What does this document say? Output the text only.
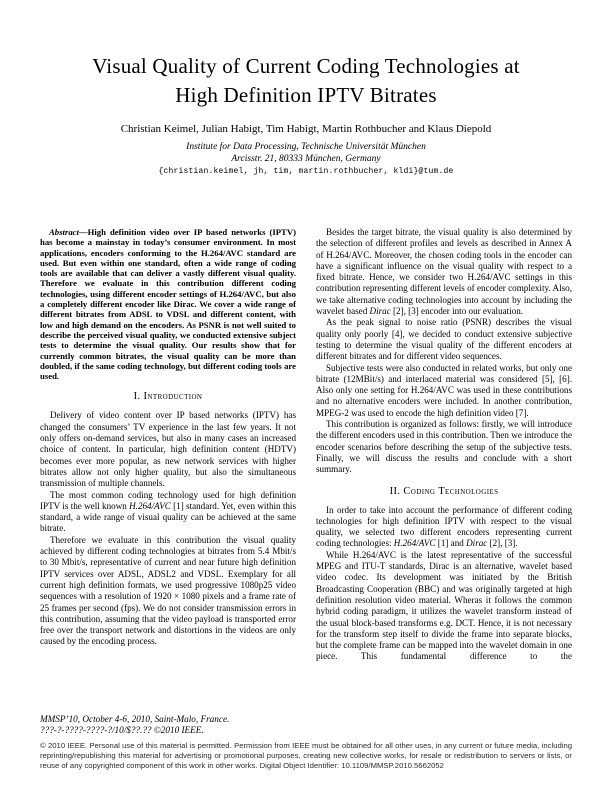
Visual Quality of Current Coding Technologies at
High Definition IPTV Bitrates
Christian Keimel, Julian Habigt, Tim Habigt, Martin Rothbucher and Klaus Diepold
Institute for Data Processing, Technische Universität München
Arcisstr. 21, 80333 München, Germany
{christian.keimel, jh, tim, martin.rothbucher, kldi}@tum.de

Abstract—High definition video over IP based networks (IPTV) has become a mainstay in today’s consumer environment. In most applications, encoders conforming to the H.264/AVC standard are used. But even within one standard, often a wide range of coding tools are available that can deliver a vastly different visual quality. Therefore we evaluate in this contribution different coding technologies, using different encoder settings of H.264/AVC, but also a completely different encoder like Dirac. We cover a wide range of different bitrates from ADSL to VDSL and different content, with low and high demand on the encoders. As PSNR is not well suited to describe the perceived visual quality, we conducted extensive subject tests to determine the visual quality. Our results show that for currently common bitrates, the visual quality can be more than doubled, if the same coding technology, but different coding tools are used.

I. Introduction

Delivery of video content over IP based networks (IPTV) has changed the consumers’ TV experience in the last few years. It not only offers on-demand services, but also in many cases an increased choice of content. In particular, high definition content (HDTV) becomes ever more popular, as new network services with higher bitrates allow not only higher quality, but also the simultaneous transmission of multiple channels.

The most common coding technology used for high definition IPTV is the well known H.264/AVC [1] standard. Yet, even within this standard, a wide range of visual quality can be achieved at the same bitrate.

Therefore we evaluate in this contribution the visual quality achieved by different coding technologies at bitrates from 5.4 Mbit/s to 30 Mbit/s, representative of current and near future high definition IPTV services over ADSL, ADSL2 and VDSL. Exemplary for all current high definition formats, we used progressive 1080p25 video sequences with a resolution of 1920 × 1080 pixels and a frame rate of 25 frames per second (fps). We do not consider transmission errors in this contribution, assuming that the video payload is transported error free over the transport network and distortions in the videos are only caused by the encoding process.

MMSP’10, October 4-6, 2010, Saint-Malo, France.
???-?-????-????-?/10/$??.?? ©2010 IEEE.

Besides the target bitrate, the visual quality is also determined by the selection of different profiles and levels as described in Annex A of H.264/AVC. Moreover, the chosen coding tools in the encoder can have a significant influence on the visual quality with respect to a fixed bitrate. Hence, we consider two H.264/AVC settings in this contribution representing different levels of encoder complexity. Also, we take alternative coding technologies into account by including the wavelet based Dirac [2], [3] encoder into our evaluation.

As the peak signal to noise ratio (PSNR) describes the visual quality only poorly [4], we decided to conduct extensive subjective testing to determine the visual quality of the different encoders at different bitrates and for different video sequences.

Subjective tests were also conducted in related works, but only one bitrate (12MBit/s) and interlaced material was considered [5], [6]. Also only one setting for H.264/AVC was used in these contributions and no alternative encoders were included. In another contribution, MPEG-2 was used to encode the high definition video [7].

This contribution is organized as follows: firstly, we will introduce the different encoders used in this contribution. Then we introduce the encoder scenarios before describing the setup of the subjective tests. Finally, we will discuss the results and conclude with a short summary.

II. Coding Technologies

In order to take into account the performance of different coding technologies for high definition IPTV with respect to the visual quality, we selected two different encoders representing current coding technologies: H.264/AVC [1] and Dirac [2], [3].

While H.264/AVC is the latest representative of the successful MPEG and ITU-T standards, Dirac is an alternative, wavelet based video codec. Its development was initiated by the British Broadcasting Cooperation (BBC) and was originally targeted at high definition resolution video material. Wheras it follows the common hybrid coding paradigm, it utilizes the wavelet transform instead of the usual block-based transforms e.g. DCT. Hence, it is not necessary for the transform step itself to divide the frame into separate blocks, but the complete frame can be mapped into the wavelet domain in one piece. This fundamental difference to the

© 2010 IEEE. Personal use of this material is permitted. Permission from IEEE must be obtained for all other uses, in any current or future media, including reprinting/republishing this material for advertising or promotional purposes, creating new collective works, for resale or redistribution to servers or lists, or reuse of any copyrighted component of this work in other works. Digital Object Identifier: 10.1109/MMSP.2010.5662052
